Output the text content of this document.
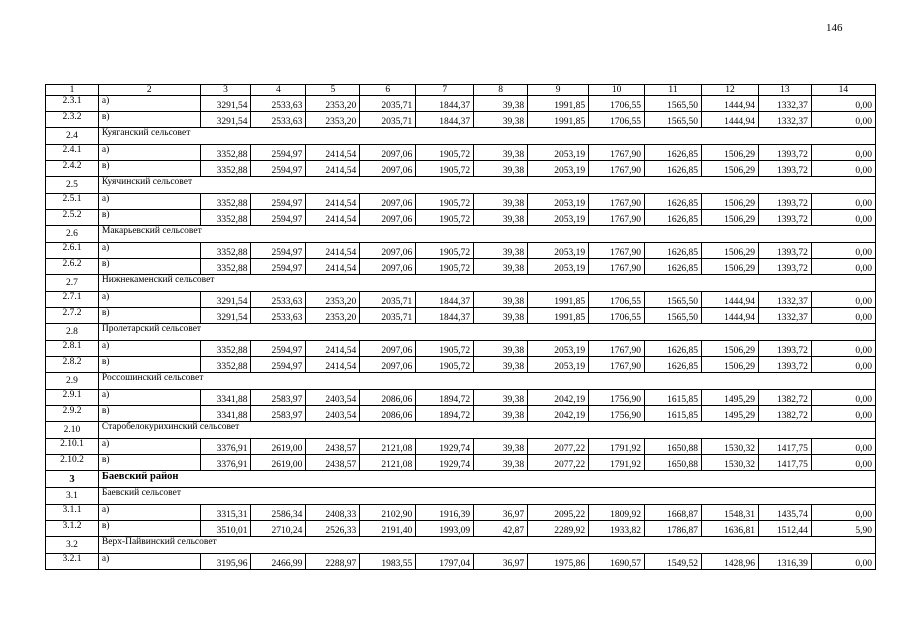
146
1	2	3	4	5	6	7	8	9	10	11	12	13	14
2.3.1	а)	3291,54	2533,63	2353,20	2035,71	1844,37	39,38	1991,85	1706,55	1565,50	1444,94	1332,37	0,00
2.3.2	в)	3291,54	2533,63	2353,20	2035,71	1844,37	39,38	1991,85	1706,55	1565,50	1444,94	1332,37	0,00
2.4	Куяганский сельсовет												
2.4.1	а)	3352,88	2594,97	2414,54	2097,06	1905,72	39,38	2053,19	1767,90	1626,85	1506,29	1393,72	0,00
2.4.2	в)	3352,88	2594,97	2414,54	2097,06	1905,72	39,38	2053,19	1767,90	1626,85	1506,29	1393,72	0,00
2.5	Куячинский сельсовет												
2.5.1	а)	3352,88	2594,97	2414,54	2097,06	1905,72	39,38	2053,19	1767,90	1626,85	1506,29	1393,72	0,00
2.5.2	в)	3352,88	2594,97	2414,54	2097,06	1905,72	39,38	2053,19	1767,90	1626,85	1506,29	1393,72	0,00
2.6	Макарьевский сельсовет												
2.6.1	а)	3352,88	2594,97	2414,54	2097,06	1905,72	39,38	2053,19	1767,90	1626,85	1506,29	1393,72	0,00
2.6.2	в)	3352,88	2594,97	2414,54	2097,06	1905,72	39,38	2053,19	1767,90	1626,85	1506,29	1393,72	0,00
2.7	Нижнекаменский сельсовет												
2.7.1	а)	3291,54	2533,63	2353,20	2035,71	1844,37	39,38	1991,85	1706,55	1565,50	1444,94	1332,37	0,00
2.7.2	в)	3291,54	2533,63	2353,20	2035,71	1844,37	39,38	1991,85	1706,55	1565,50	1444,94	1332,37	0,00
2.8	Пролетарский сельсовет												
2.8.1	а)	3352,88	2594,97	2414,54	2097,06	1905,72	39,38	2053,19	1767,90	1626,85	1506,29	1393,72	0,00
2.8.2	в)	3352,88	2594,97	2414,54	2097,06	1905,72	39,38	2053,19	1767,90	1626,85	1506,29	1393,72	0,00
2.9	Россошинский сельсовет												
2.9.1	а)	3341,88	2583,97	2403,54	2086,06	1894,72	39,38	2042,19	1756,90	1615,85	1495,29	1382,72	0,00
2.9.2	в)	3341,88	2583,97	2403,54	2086,06	1894,72	39,38	2042,19	1756,90	1615,85	1495,29	1382,72	0,00
2.10	Старобелокурихинский сельсовет												
2.10.1	а)	3376,91	2619,00	2438,57	2121,08	1929,74	39,38	2077,22	1791,92	1650,88	1530,32	1417,75	0,00
2.10.2	в)	3376,91	2619,00	2438,57	2121,08	1929,74	39,38	2077,22	1791,92	1650,88	1530,32	1417,75	0,00
3	Баевский район												
3.1	Баевский сельсовет												
3.1.1	а)	3315,31	2586,34	2408,33	2102,90	1916,39	36,97	2095,22	1809,92	1668,87	1548,31	1435,74	0,00
3.1.2	в)	3510,01	2710,24	2526,33	2191,40	1993,09	42,87	2289,92	1933,82	1786,87	1636,81	1512,44	5,90
3.2	Верх-Пайвинский сельсовет												
3.2.1	а)	3195,96	2466,99	2288,97	1983,55	1797,04	36,97	1975,86	1690,57	1549,52	1428,96	1316,39	0,00
